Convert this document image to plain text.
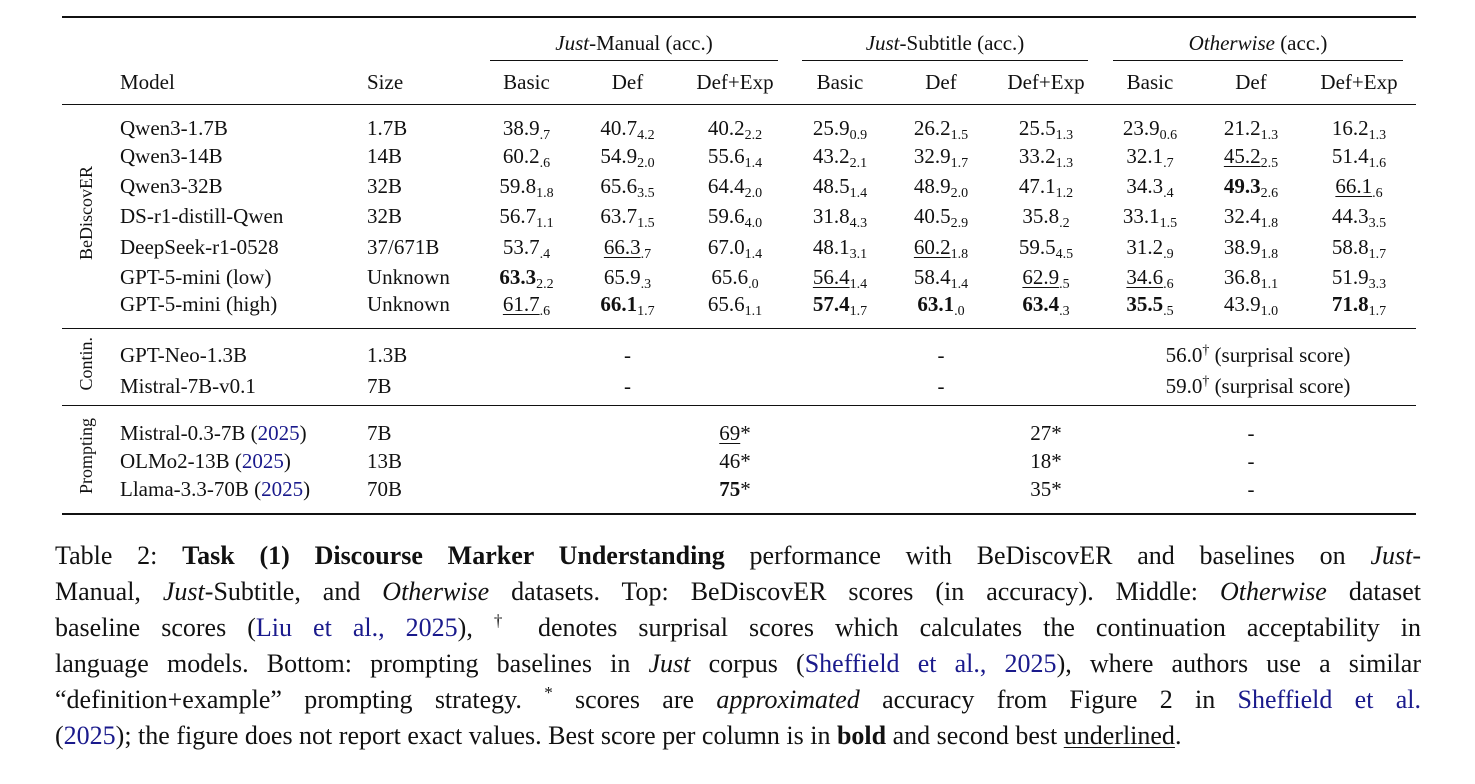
			Just-Manual (acc.)			Just-Subtitle (acc.)			Otherwise (acc.)		
	Model	Size	Basic	Def	Def+Exp	Basic	Def	Def+Exp	Basic	Def	Def+Exp
BeDiscovER	Qwen3-1.7B	1.7B	$38.9_{.7}$	$40.7_{4.2}$	$40.2_{2.2}$	$25.9_{0.9}$	$26.2_{1.5}$	$25.5_{1.3}$	$23.9_{0.6}$	$21.2_{1.3}$	$16.2_{1.3}$
	Qwen3-14B	14B	$60.2_{.6}$	$54.9_{2.0}$	$55.6_{1.4}$	$43.2_{2.1}$	$32.9_{1.7}$	$33.2_{1.3}$	$32.1_{.7}$	$45.2_{2.5}$	$51.4_{1.6}$
	Qwen3-32B	32B	$59.8_{1.8}$	$65.6_{3.5}$	$64.4_{2.0}$	$48.5_{1.4}$	$48.9_{2.0}$	$47.1_{1.2}$	$34.3_{.4}$	$49.3_{2.6}$	$66.1_{.6}$
	DS-r1-distill-Qwen	32B	$56.7_{1.1}$	$63.7_{1.5}$	$59.6_{4.0}$	$31.8_{4.3}$	$40.5_{2.9}$	$35.8_{.2}$	$33.1_{1.5}$	$32.4_{1.8}$	$44.3_{3.5}$
	DeepSeek-r1-0528	37/671B	$53.7_{.4}$	$66.3_{.7}$	$67.0_{1.4}$	$48.1_{3.1}$	$60.2_{1.8}$	$59.5_{4.5}$	$31.2_{.9}$	$38.9_{1.8}$	$58.8_{1.7}$
	GPT-5-mini (low)	Unknown	$63.3_{2.2}$	$65.9_{.3}$	$65.6_{.0}$	$56.4_{1.4}$	$58.4_{1.4}$	$62.9_{.5}$	$34.6_{.6}$	$36.8_{1.1}$	$51.9_{3.3}$
	GPT-5-mini (high)	Unknown	$61.7_{.6}$	$66.1_{1.7}$	$65.6_{1.1}$	$57.4_{1.7}$	$63.1_{.0}$	$63.4_{.3}$	$35.5_{.5}$	$43.9_{1.0}$	$71.8_{1.7}$
Contin.	GPT-Neo-1.3B	1.3B		-			-		56.0† (surprisal score)		
	Mistral-7B-v0.1	7B		-			-		59.0† (surprisal score)		
Prompting	Mistral-0.3-7B (2025)	7B			69*			27*		-	
	OLMo2-13B (2025)	13B			46*			18*		-	
	Llama-3.3-70B (2025)	70B			75*			35*		-	
Table 2: Task (1) Discourse Marker Understanding performance with BeDiscovER and baselines on Just-
Manual, Just-Subtitle, and Otherwise datasets. Top: BeDiscovER scores (in accuracy). Middle: Otherwise dataset
baseline scores (Liu et al., 2025), † denotes surprisal scores which calculates the continuation acceptability in
language models. Bottom: prompting baselines in Just corpus (Sheffield et al., 2025), where authors use a similar
“definition+example” prompting strategy. * scores are approximated accuracy from Figure 2 in Sheffield et al.
(2025); the figure does not report exact values. Best score per column is in bold and second best underlined.
